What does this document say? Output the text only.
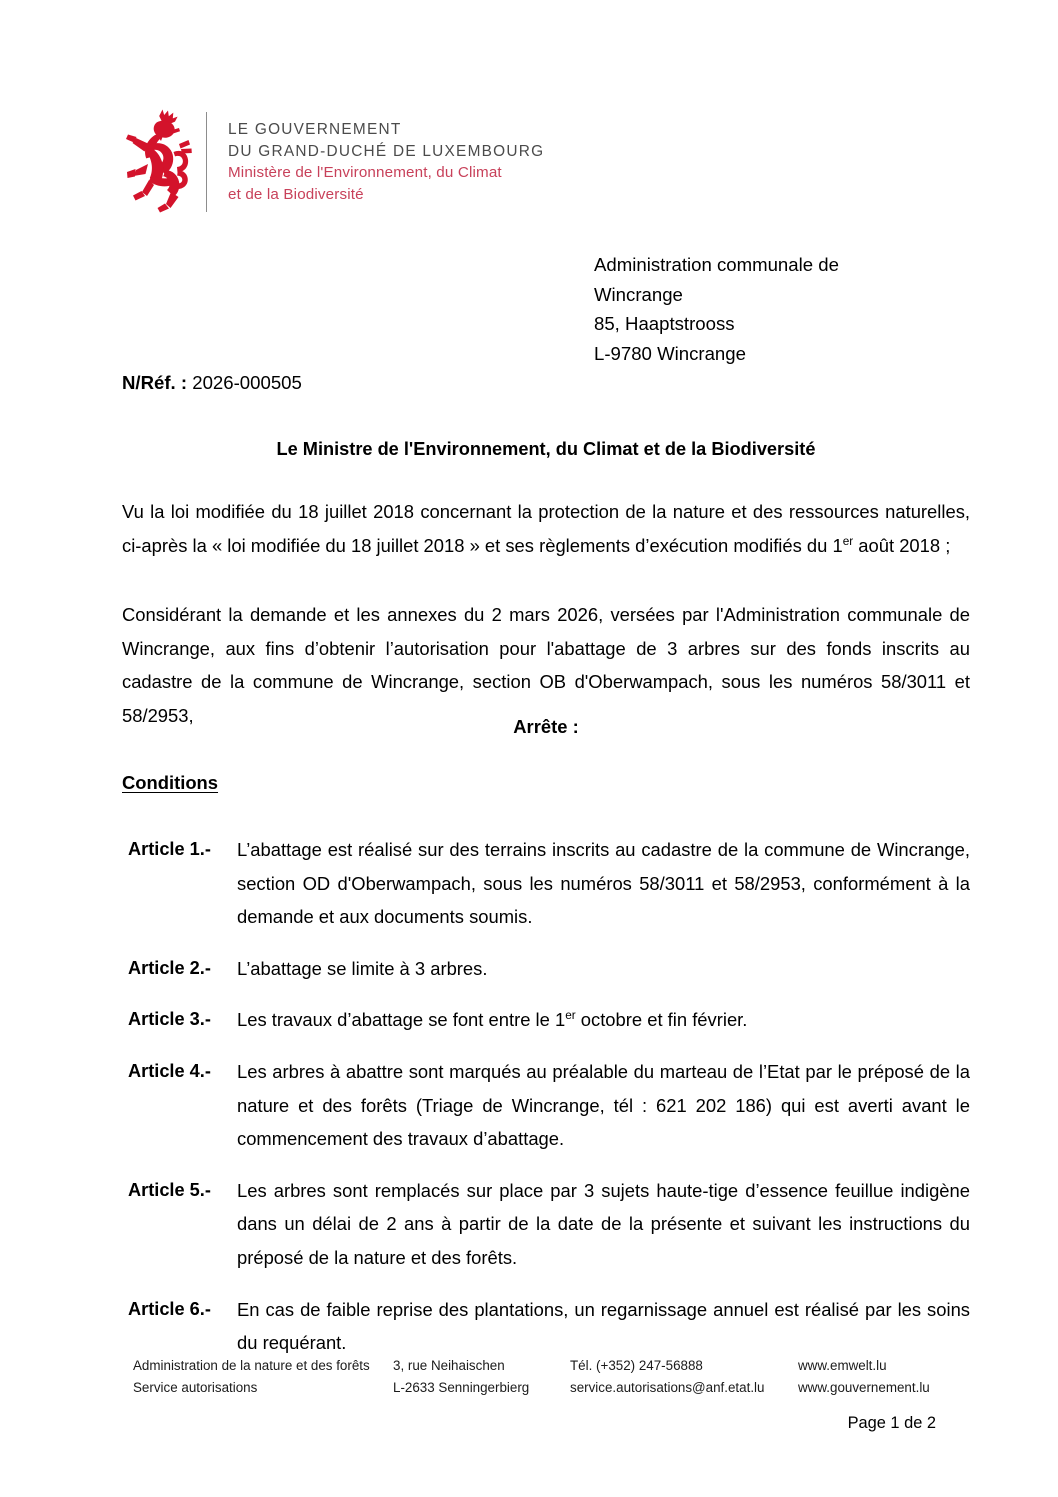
LE GOUVERNEMENT
DU GRAND-DUCHÉ DE LUXEMBOURG
Ministère de l'Environnement, du Climat
et de la Biodiversité
Administration communale de
Wincrange
85, Haaptstrooss
L-9780 Wincrange
N/Réf. : 2026-000505
Le Ministre de l'Environnement, du Climat et de la Biodiversité
Vu la loi modifiée du 18 juillet 2018 concernant la protection de la nature et des ressources naturelles, ci-après la « loi modifiée du 18 juillet 2018 » et ses règlements d’exécution modifiés du 1er août 2018 ;
Considérant la demande et les annexes du 2 mars 2026, versées par l'Administration communale de Wincrange, aux fins d’obtenir l’autorisation pour l'abattage de 3 arbres sur des fonds inscrits au cadastre de la commune de Wincrange, section OB d'Oberwampach, sous les numéros 58/3011 et 58/2953,
Arrête :
Conditions
Article 1.-	L’abattage est réalisé sur des terrains inscrits au cadastre de la commune de Wincrange, section OD d'Oberwampach, sous les numéros 58/3011 et 58/2953, conformément à la demande et aux documents soumis.
Article 2.-	L’abattage se limite à 3 arbres.
Article 3.-	Les travaux d’abattage se font entre le 1er octobre et fin février.
Article 4.-	Les arbres à abattre sont marqués au préalable du marteau de l’Etat par le préposé de la nature et des forêts (Triage de Wincrange, tél : 621 202 186) qui est averti avant le commencement des travaux d’abattage.
Article 5.-	Les arbres sont remplacés sur place par 3 sujets haute-tige d’essence feuillue indigène dans un délai de 2 ans à partir de la date de la présente et suivant les instructions du préposé de la nature et des forêts.
Article 6.-	En cas de faible reprise des plantations, un regarnissage annuel est réalisé par les soins du requérant.
Administration de la nature et des forêts
Service autorisations
3, rue Neihaischen
L-2633 Senningerbierg
Tél. (+352) 247-56888
service.autorisations@anf.etat.lu
www.emwelt.lu
www.gouvernement.lu
Page 1 de 2
